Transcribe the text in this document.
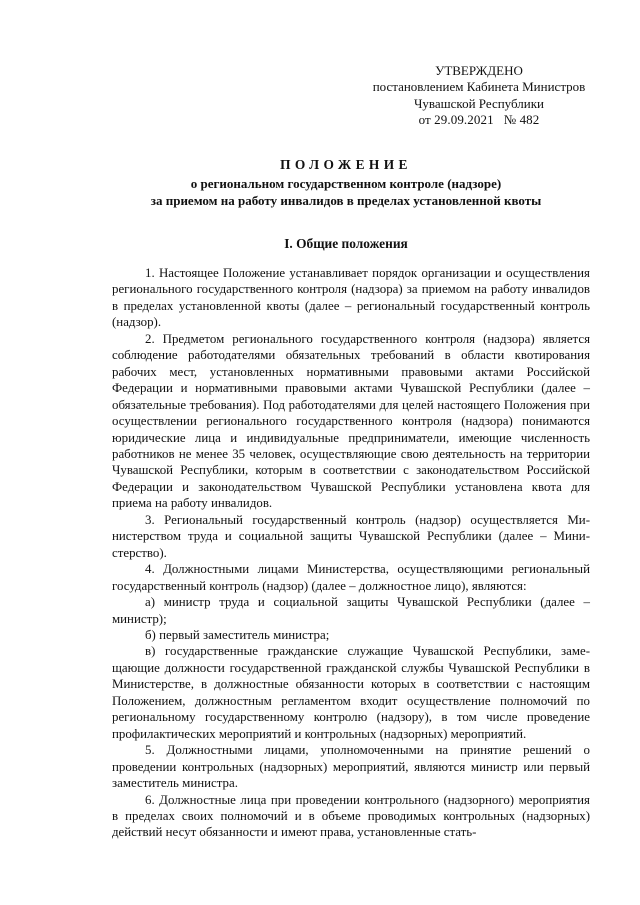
УТВЕРЖДЕНО
постановлением Кабинета Министров
Чувашской Республики
от 29.09.2021   № 482
ПОЛОЖЕНИЕ
о региональном государственном контроле (надзоре)
за приемом на работу инвалидов в пределах установленной квоты
I. Общие положения

1. Настоящее Положение устанавливает порядок организации и осуществления регионального государственного контроля (надзора) за приемом на работу инвалидов в пределах установленной квоты (далее – региональный государственный контроль (надзор).

2. Предметом регионального государственного контроля (надзора) является соблюдение работодателями обязательных требований в области квотирования рабочих мест, установленных нормативными правовыми актами Российской Федерации и нормативными правовыми актами Чувашской Республики (далее – обязательные требования). Под работодателями для целей настоящего Положения при осуществлении регионального государственного контроля (надзора) понимаются юридические лица и индивидуальные предприниматели, имеющие численность работников не менее 35 человек, осуществляющие свою деятельность на территории Чувашской Республики, которым в соответствии с законодательством Российской Федерации и законодательством Чувашской Республики установлена квота для приема на работу инвалидов.

3. Региональный государственный контроль (надзор) осуществляется Министерством труда и социальной защиты Чувашской Республики (далее – Министерство).

4. Должностными лицами Министерства, осуществляющими региональный государственный контроль (надзор) (далее – должностное лицо), являются:

а) министр труда и социальной защиты Чувашской Республики (далее – министр);

б) первый заместитель министра;

в) государственные гражданские служащие Чувашской Республики, замещающие должности государственной гражданской службы Чувашской Республики в Министерстве, в должностные обязанности которых в соответствии с настоящим Положением, должностным регламентом входит осуществление полномочий по региональному государственному контролю (надзору), в том числе проведение профилактических мероприятий и контрольных (надзорных) мероприятий.

5. Должностными лицами, уполномоченными на принятие решений о проведении контрольных (надзорных) мероприятий, являются министр или первый заместитель министра.

6. Должностные лица при проведении контрольного (надзорного) мероприятия в пределах своих полномочий и в объеме проводимых контрольных (надзорных) действий несут обязанности и имеют права, установленные стать-
